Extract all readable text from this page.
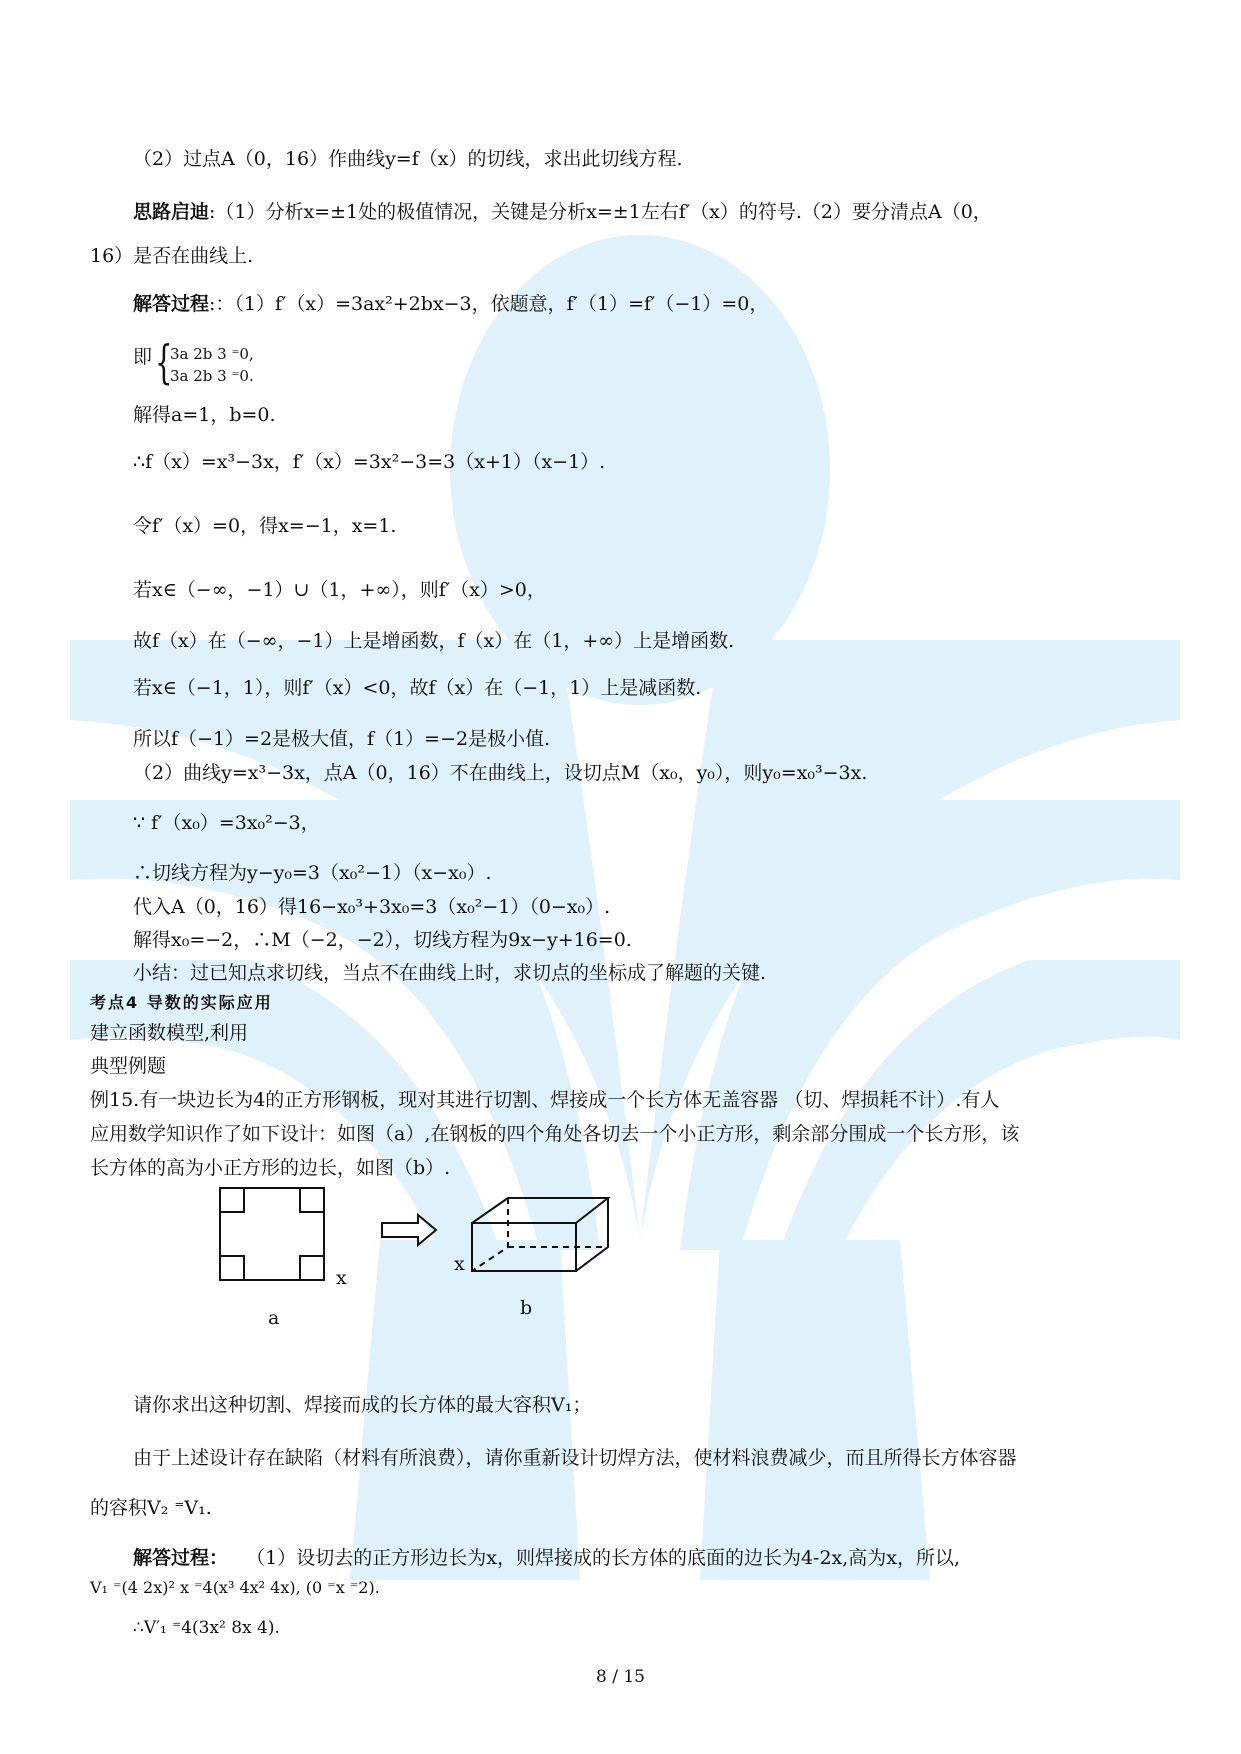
（2）过点A（0，16）作曲线y=f（x）的切线，求出此切线方程.
思路启迪:（1）分析x=±1处的极值情况，关键是分析x=±1左右f′（x）的符号.（2）要分清点A（0，
16）是否在曲线上.
解答过程:：（1）f′（x）=3ax²+2bx−3，依题意，f′（1）=f′（−1）=0，
即 {
3a 2b 3 ⁼0,
3a 2b 3 ⁼0.
解得a=1，b=0.
∴f（x）=x³−3x，f′（x）=3x²−3=3（x+1）（x−1）.
令f′（x）=0，得x=−1，x=1.
若x∈（−∞，−1）∪（1，+∞），则f′（x）>0，
故f（x）在（−∞，−1）上是增函数，f（x）在（1，+∞）上是增函数.
若x∈（−1，1），则f′（x）<0，故f（x）在（−1，1）上是减函数.
所以f（−1）=2是极大值，f（1）=−2是极小值.
（2）曲线y=x³−3x，点A（0，16）不在曲线上，设切点M（x₀，y₀），则y₀=x₀³−3x.
∵ f′（x₀）=3x₀²−3，
∴切线方程为y−y₀=3（x₀²−1）（x−x₀）.
代入A（0，16）得16−x₀³+3x₀=3（x₀²−1）（0−x₀）.
解得x₀=−2，∴M（−2，−2），切线方程为9x−y+16=0.
小结：过已知点求切线，当点不在曲线上时，求切点的坐标成了解题的关键.
考点4 导数的实际应用
建立函数模型,利用
典型例题
例15.有一块边长为4的正方形钢板，现对其进行切割、焊接成一个长方体无盖容器 （切、焊损耗不计）.有人
应用数学知识作了如下设计：如图（a）,在钢板的四个角处各切去一个小正方形，剩余部分围成一个长方形，该
长方体的高为小正方形的边长，如图（b）.
x
x
a	b
请你求出这种切割、焊接而成的长方体的最大容积V₁；
由于上述设计存在缺陷（材料有所浪费），请你重新设计切焊方法，使材料浪费减少，而且所得长方体容器
的容积V₂ ⁼V₁.
解答过程： （1）设切去的正方形边长为x，则焊接成的长方体的底面的边长为4-2x,高为x，所以,
V₁ ⁼(4 2x)² x ⁼4(x³ 4x² 4x), (0 ⁼x ⁼2).
∴V′₁ ⁼4(3x² 8x 4).
8 / 15
